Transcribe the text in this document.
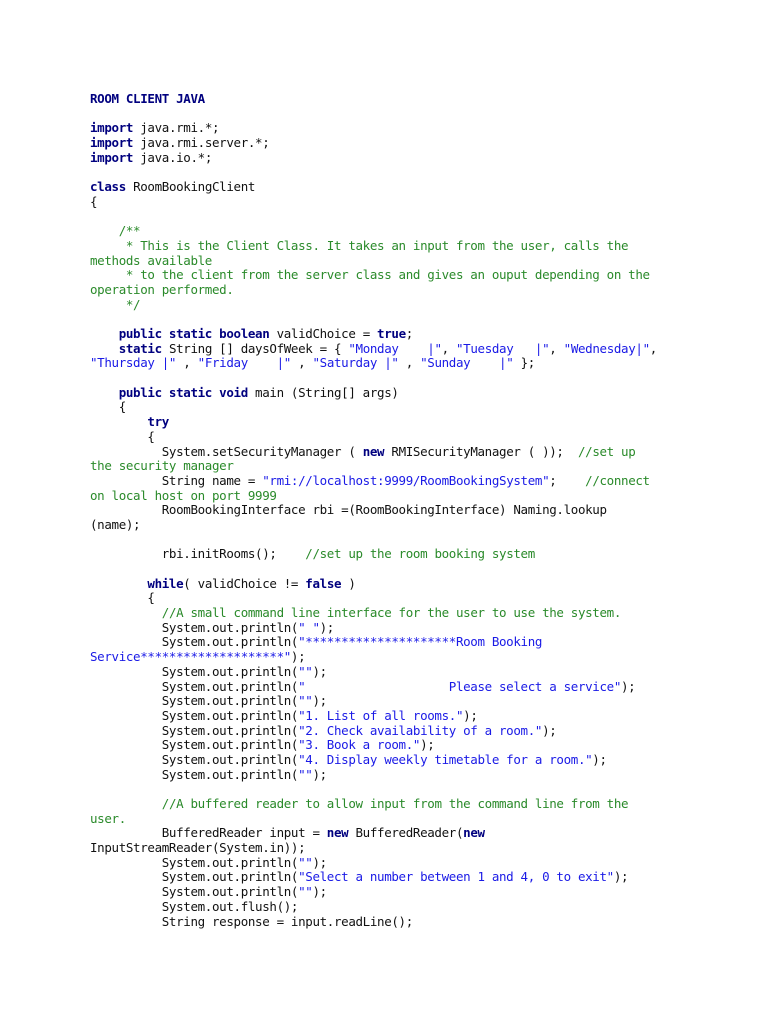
ROOM CLIENT JAVA
import java.rmi.*;
import java.rmi.server.*;
import java.io.*;
class RoomBookingClient
{
/**
* This is the Client Class. It takes an input from the user, calls the
methods available
* to the client from the server class and gives an ouput depending on the
operation performed.
*/
public static boolean validChoice = true;
static String [] daysOfWeek = { "Monday    |", "Tuesday   |", "Wednesday|",
"Thursday |" , "Friday    |" , "Saturday |" , "Sunday    |" };
public static void main (String[] args)
{
try
{
System.setSecurityManager ( new RMISecurityManager ( ));  //set up
the security manager
String name = "rmi://localhost:9999/RoomBookingSystem";    //connect
on local host on port 9999
RoomBookingInterface rbi =(RoomBookingInterface) Naming.lookup
(name);
rbi.initRooms();    //set up the room booking system
while( validChoice != false )
{
//A small command line interface for the user to use the system.
System.out.println(" ");
System.out.println("*********************Room Booking
Service********************");
System.out.println("");
System.out.println("                    Please select a service");
System.out.println("");
System.out.println("1. List of all rooms.");
System.out.println("2. Check availability of a room.");
System.out.println("3. Book a room.");
System.out.println("4. Display weekly timetable for a room.");
System.out.println("");
//A buffered reader to allow input from the command line from the
user.
BufferedReader input = new BufferedReader(new
InputStreamReader(System.in));
System.out.println("");
System.out.println("Select a number between 1 and 4, 0 to exit");
System.out.println("");
System.out.flush();
String response = input.readLine();
